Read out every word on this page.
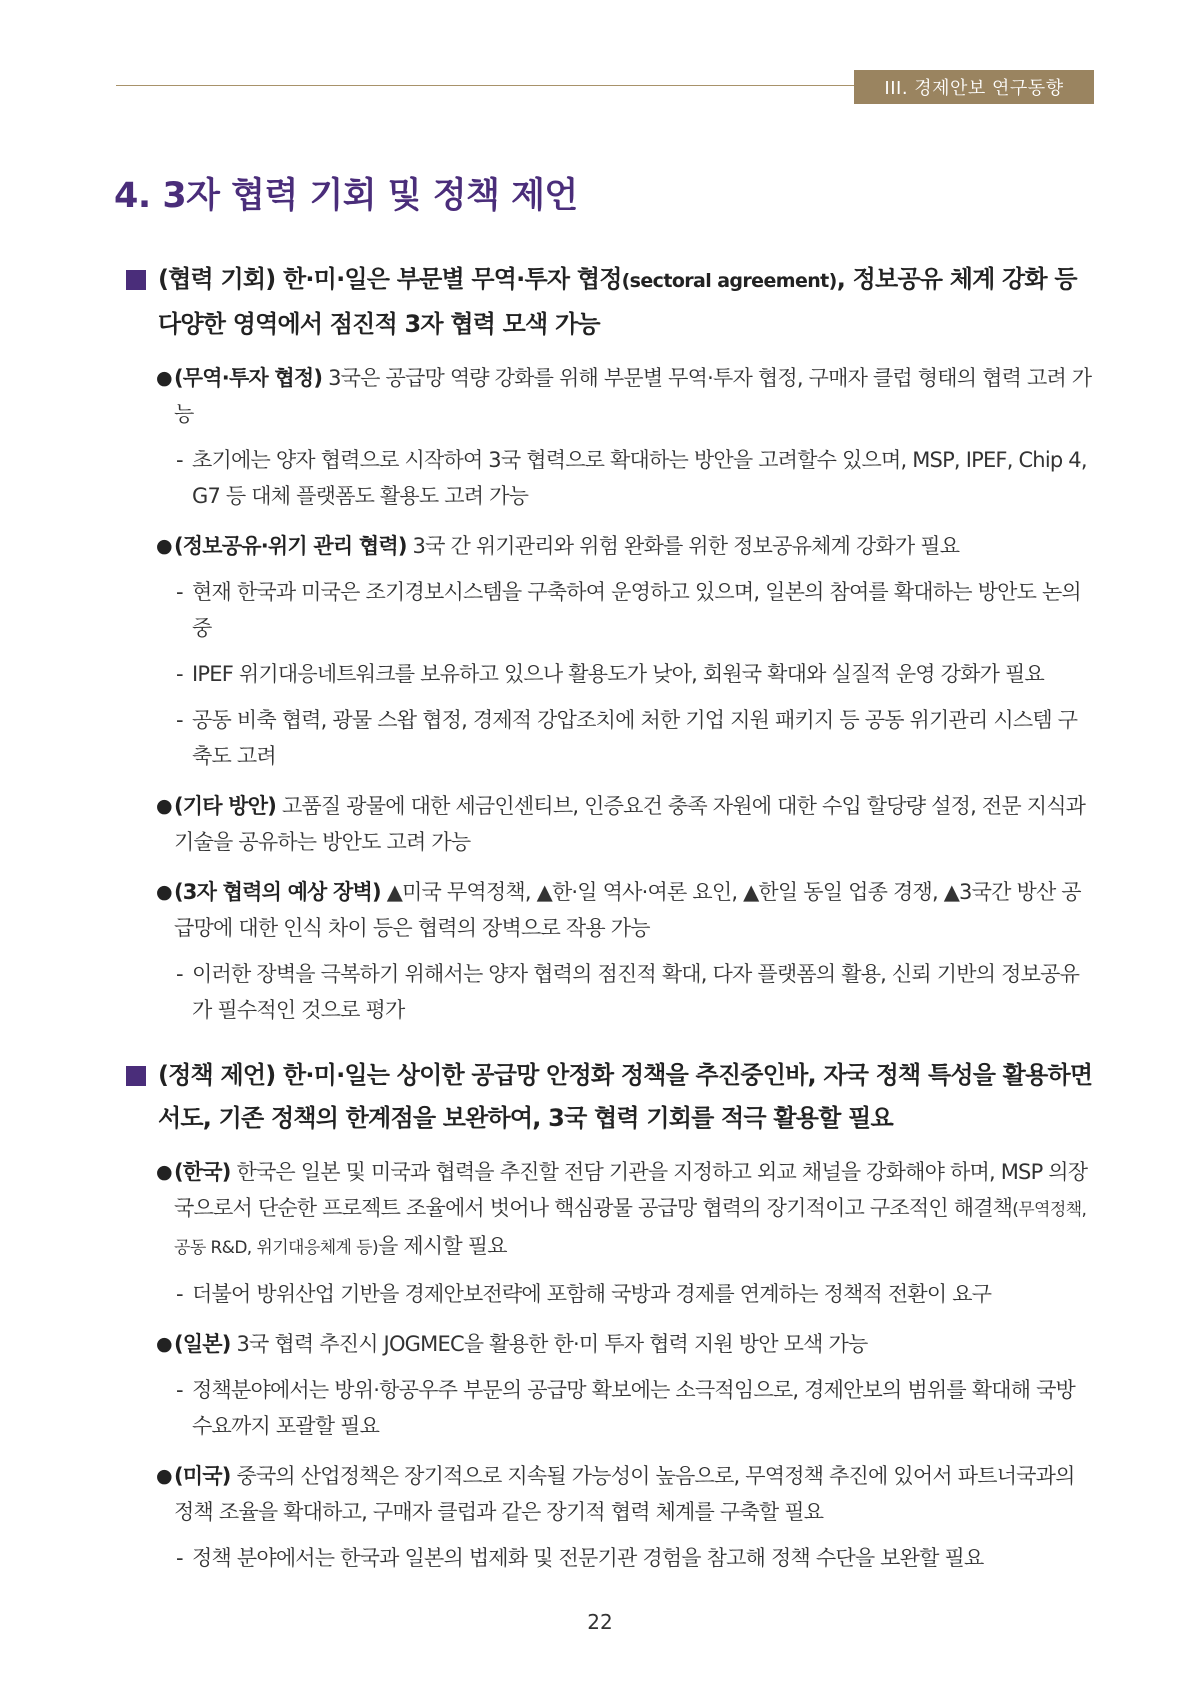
III. 경제안보 연구동향
4. 3자 협력 기회 및 정책 제언
(협력 기회) 한·미·일은 부문별 무역·투자 협정(sectoral agreement), 정보공유 체계 강화 등 다양한 영역에서 점진적 3자 협력 모색 가능
● (무역·투자 협정) 3국은 공급망 역량 강화를 위해 부문별 무역·투자 협정, 구매자 클럽 형태의 협력 고려 가능
- 초기에는 양자 협력으로 시작하여 3국 협력으로 확대하는 방안을 고려할수 있으며, MSP, IPEF, Chip 4, G7 등 대체 플랫폼도 활용도 고려 가능
● (정보공유·위기 관리 협력) 3국 간 위기관리와 위험 완화를 위한 정보공유체계 강화가 필요
- 현재 한국과 미국은 조기경보시스템을 구축하여 운영하고 있으며, 일본의 참여를 확대하는 방안도 논의중
- IPEF 위기대응네트워크를 보유하고 있으나 활용도가 낮아, 회원국 확대와 실질적 운영 강화가 필요
- 공동 비축 협력, 광물 스왑 협정, 경제적 강압조치에 처한 기업 지원 패키지 등 공동 위기관리 시스템 구축도 고려
● (기타 방안) 고품질 광물에 대한 세금인센티브, 인증요건 충족 자원에 대한 수입 할당량 설정, 전문 지식과 기술을 공유하는 방안도 고려 가능
● (3자 협력의 예상 장벽) ▲미국 무역정책, ▲한·일 역사·여론 요인, ▲한일 동일 업종 경쟁, ▲3국간 방산 공급망에 대한 인식 차이 등은 협력의 장벽으로 작용 가능
- 이러한 장벽을 극복하기 위해서는 양자 협력의 점진적 확대, 다자 플랫폼의 활용, 신뢰 기반의 정보공유가 필수적인 것으로 평가
(정책 제언) 한·미·일는 상이한 공급망 안정화 정책을 추진중인바, 자국 정책 특성을 활용하면서도, 기존 정책의 한계점을 보완하여, 3국 협력 기회를 적극 활용할 필요
● (한국) 한국은 일본 및 미국과 협력을 추진할 전담 기관을 지정하고 외교 채널을 강화해야 하며, MSP 의장국으로서 단순한 프로젝트 조율에서 벗어나 핵심광물 공급망 협력의 장기적이고 구조적인 해결책(무역정책, 공동 R&D, 위기대응체계 등)을 제시할 필요
- 더불어 방위산업 기반을 경제안보전략에 포함해 국방과 경제를 연계하는 정책적 전환이 요구
● (일본) 3국 협력 추진시 JOGMEC을 활용한 한·미 투자 협력 지원 방안 모색 가능
- 정책분야에서는 방위·항공우주 부문의 공급망 확보에는 소극적임으로, 경제안보의 범위를 확대해 국방 수요까지 포괄할 필요
● (미국) 중국의 산업정책은 장기적으로 지속될 가능성이 높음으로, 무역정책 추진에 있어서 파트너국과의 정책 조율을 확대하고, 구매자 클럽과 같은 장기적 협력 체계를 구축할 필요
- 정책 분야에서는 한국과 일본의 법제화 및 전문기관 경험을 참고해 정책 수단을 보완할 필요
22
